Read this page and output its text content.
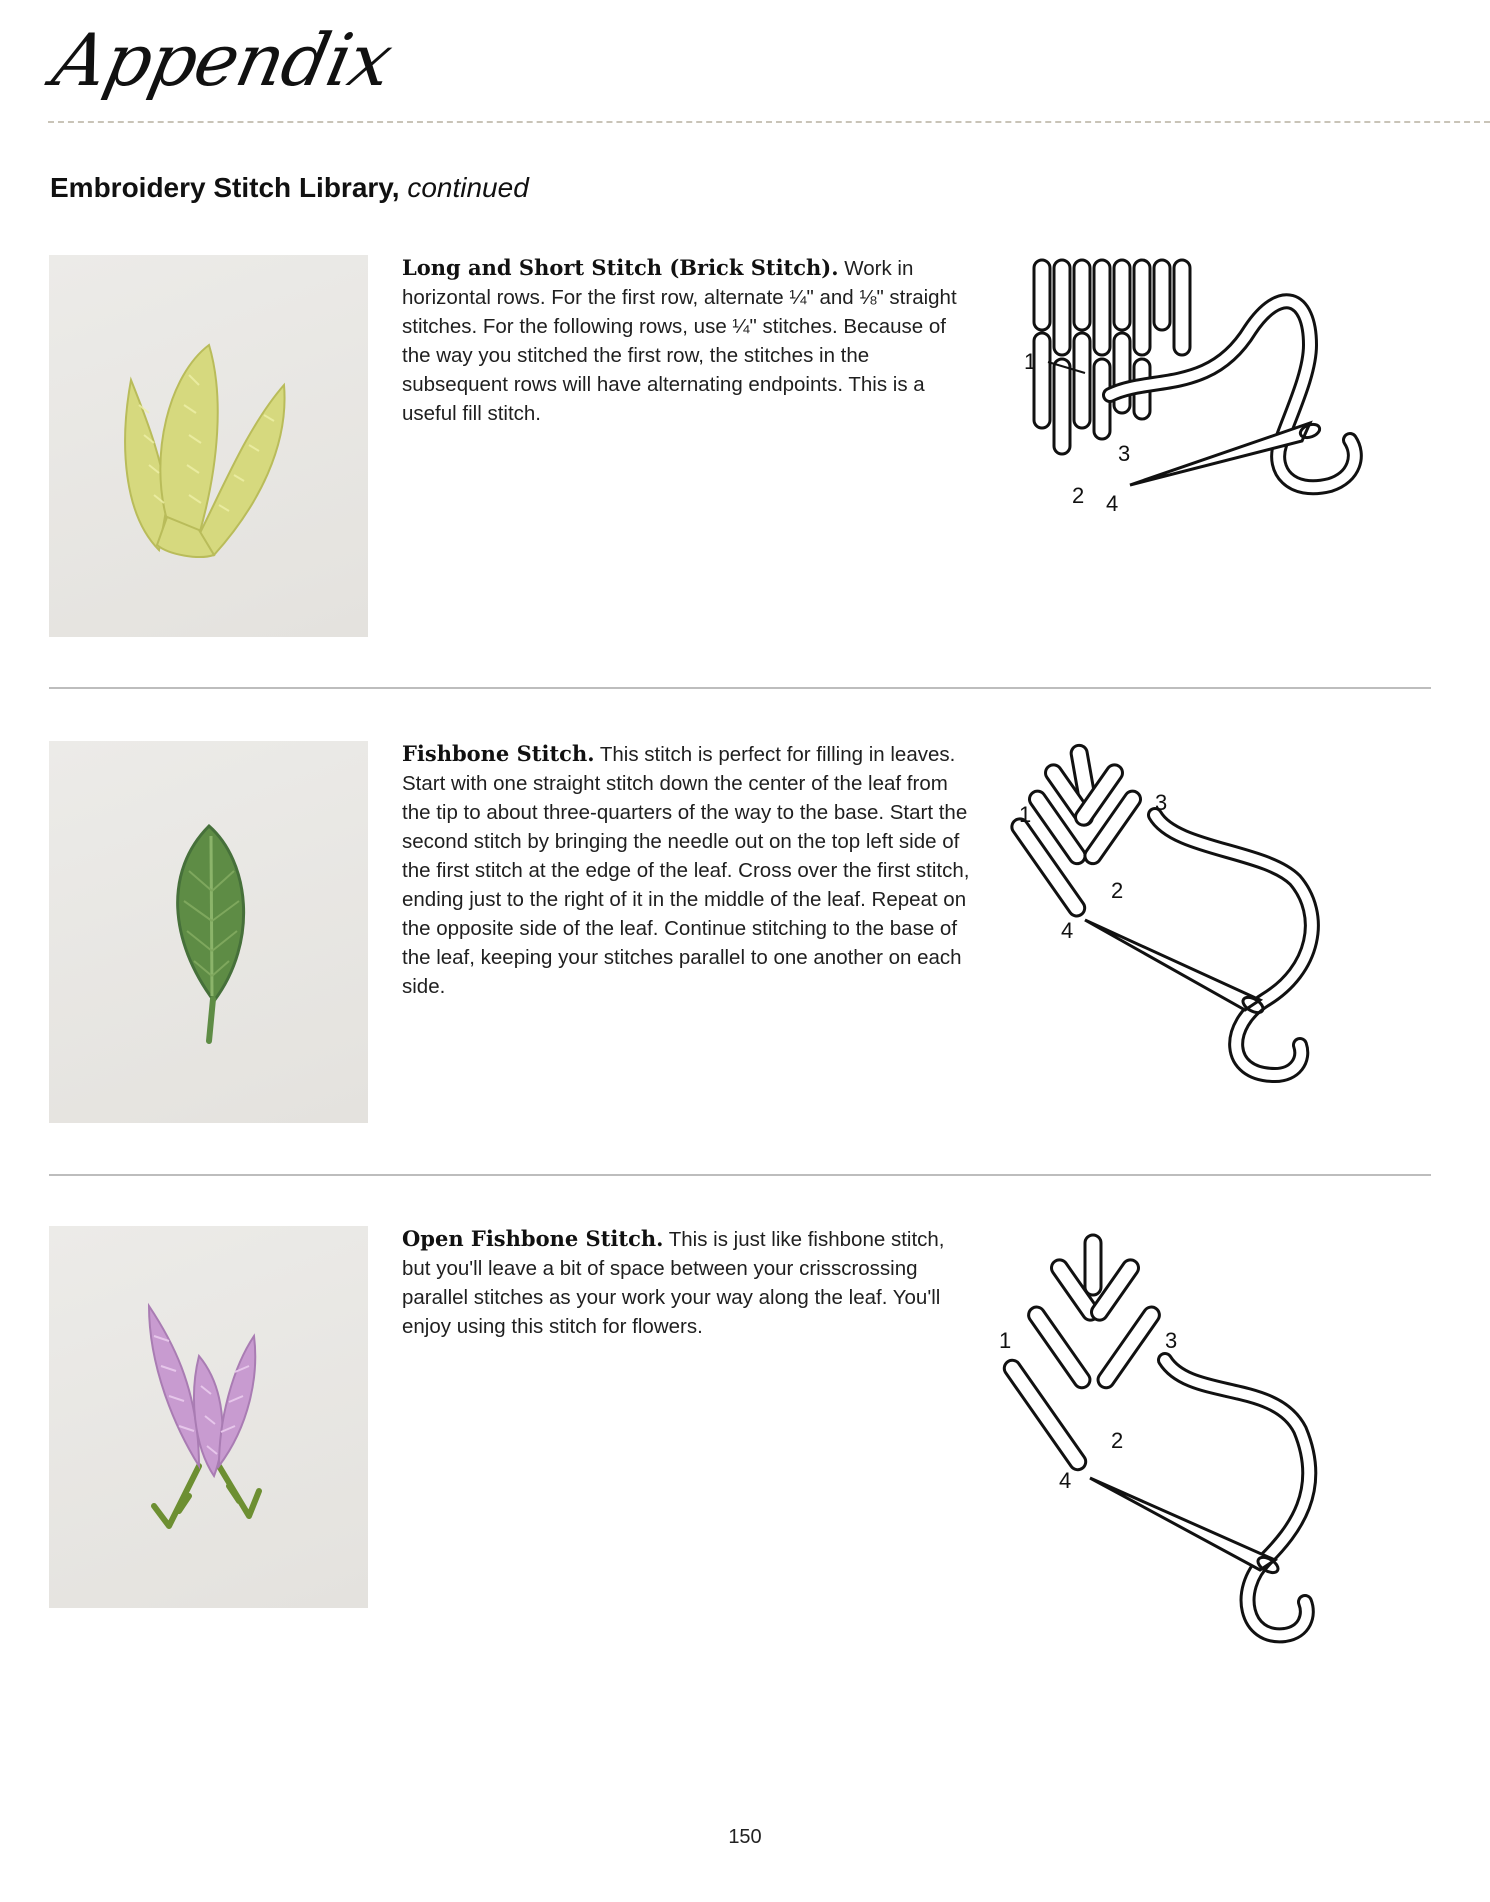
Appendix
Embroidery Stitch Library, continued
Long and Short Stitch (Brick Stitch). Work in horizontal rows. For the first row, alternate ¼" and ⅛" straight stitches. For the following rows, use ¼" stitches. Because of the way you stitched the first row, the stitches in the subsequent rows will have alternating endpoints. This is a useful fill stitch.
1
2
3
4
Fishbone Stitch. This stitch is perfect for filling in leaves. Start with one straight stitch down the center of the leaf from the tip to about three-quarters of the way to the base. Start the second stitch by bringing the needle out on the top left side of the first stitch at the edge of the leaf. Cross over the first stitch, ending just to the right of it in the middle of the leaf. Repeat on the opposite side of the leaf. Continue stitching to the base of the leaf, keeping your stitches parallel to one another on each side.
1
2
3
4
Open Fishbone Stitch. This is just like fishbone stitch, but you'll leave a bit of space between your crisscrossing parallel stitches as your work your way along the leaf. You'll enjoy using this stitch for flowers.
1
2
3
4
150
